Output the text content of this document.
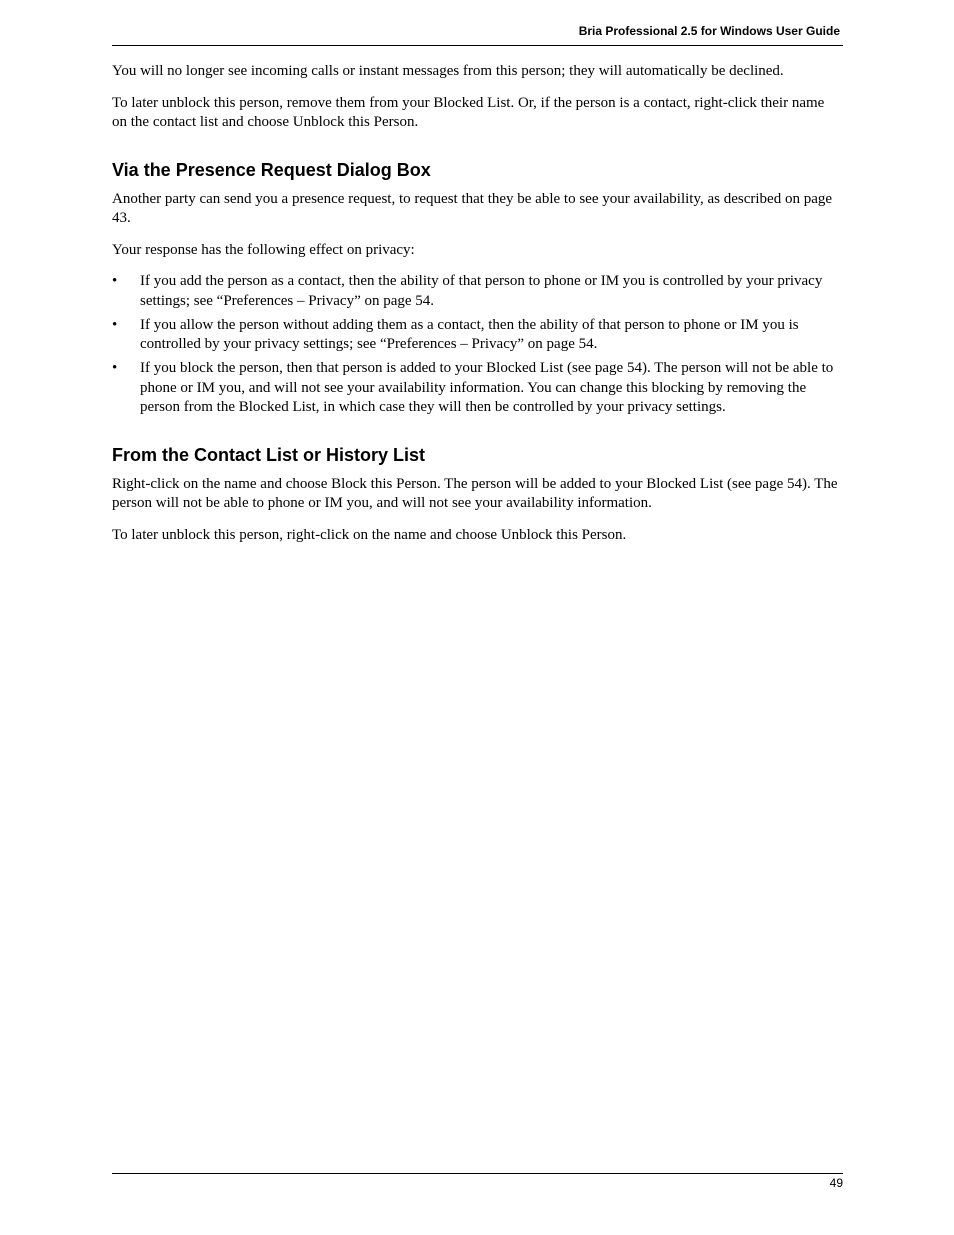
Bria Professional 2.5 for Windows User Guide

You will no longer see incoming calls or instant messages from this person; they will automatically be declined.

To later unblock this person, remove them from your Blocked List. Or, if the person is a contact, right-click their name on the contact list and choose Unblock this Person.

Via the Presence Request Dialog Box

Another party can send you a presence request, to request that they be able to see your availability, as described on page 43.

Your response has the following effect on privacy:

• If you add the person as a contact, then the ability of that person to phone or IM you is controlled by your privacy settings; see “Preferences – Privacy” on page 54.
• If you allow the person without adding them as a contact, then the ability of that person to phone or IM you is controlled by your privacy settings; see “Preferences – Privacy” on page 54.
• If you block the person, then that person is added to your Blocked List (see page 54). The person will not be able to phone or IM you, and will not see your availability information. You can change this blocking by removing the person from the Blocked List, in which case they will then be controlled by your privacy settings.
From the Contact List or History List

Right-click on the name and choose Block this Person. The person will be added to your Blocked List (see page 54). The person will not be able to phone or IM you, and will not see your availability information.

To later unblock this person, right-click on the name and choose Unblock this Person.

49
